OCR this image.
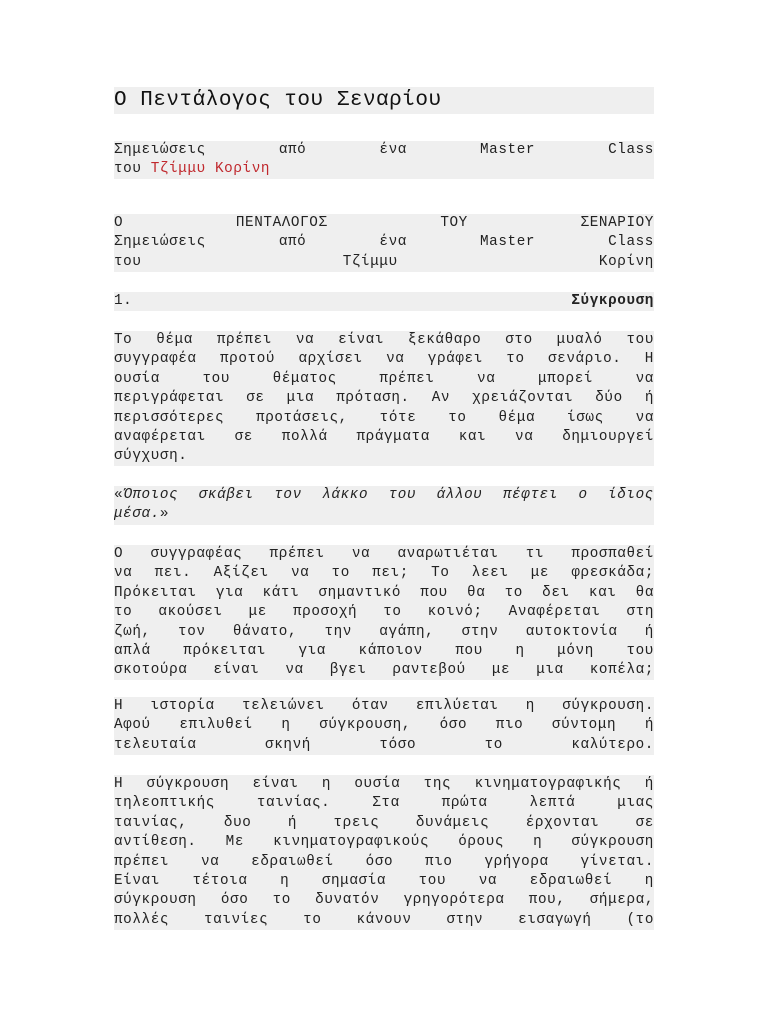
Ο Πεντάλογος του Σεναρίου
Σημειώσεις	από	ένα	Master	Class
του Τζίμμυ Κορίνη
Ο	ΠΕΝΤΑΛΟΓΟΣ	ΤΟΥ	ΣΕΝΑΡΙΟΥ
Σημειώσεις	από	ένα	Master	Class
του	Τζίμμυ	Κορίνη
1.	Σύγκρουση
Το θέμα πρέπει να είναι ξεκάθαρο στο μυαλό του
συγγραφέα προτού αρχίσει να γράφει το σενάριο. Η
ουσία του θέματος πρέπει να μπορεί να
περιγράφεται σε μια πρόταση. Αν χρειάζονται δύο ή
περισσότερες προτάσεις, τότε το θέμα ίσως να
αναφέρεται σε πολλά πράγματα και να δημιουργεί
σύγχυση.
«Όποιος σκάβει τον λάκκο του άλλου πέφτει ο ίδιος
μέσα.»
Ο συγγραφέας πρέπει να αναρωτιέται τι προσπαθεί
να πει. Αξίζει να το πει; Το λεει με φρεσκάδα;
Πρόκειται για κάτι σημαντικό που θα το δει και θα
το ακούσει με προσοχή το κοινό; Αναφέρεται στη
ζωή, τον θάνατο, την αγάπη, στην αυτοκτονία ή
απλά πρόκειται για κάποιον που η μόνη του
σκοτούρα είναι να βγει ραντεβού με μια κοπέλα;
Η ιστορία τελειώνει όταν επιλύεται η σύγκρουση.
Αφού επιλυθεί η σύγκρουση, όσο πιο σύντομη ή
τελευταία σκηνή τόσο το καλύτερο.
Η σύγκρουση είναι η ουσία της κινηματογραφικής ή
τηλεοπτικής ταινίας. Στα πρώτα λεπτά μιας
ταινίας, δυο ή τρεις δυνάμεις έρχονται σε
αντίθεση. Με κινηματογραφικούς όρους η σύγκρουση
πρέπει να εδραιωθεί όσο πιο γρήγορα γίνεται.
Είναι τέτοια η σημασία του να εδραιωθεί η
σύγκρουση όσο το δυνατόν γρηγορότερα που, σήμερα,
πολλές ταινίες το κάνουν στην εισαγωγή (το
